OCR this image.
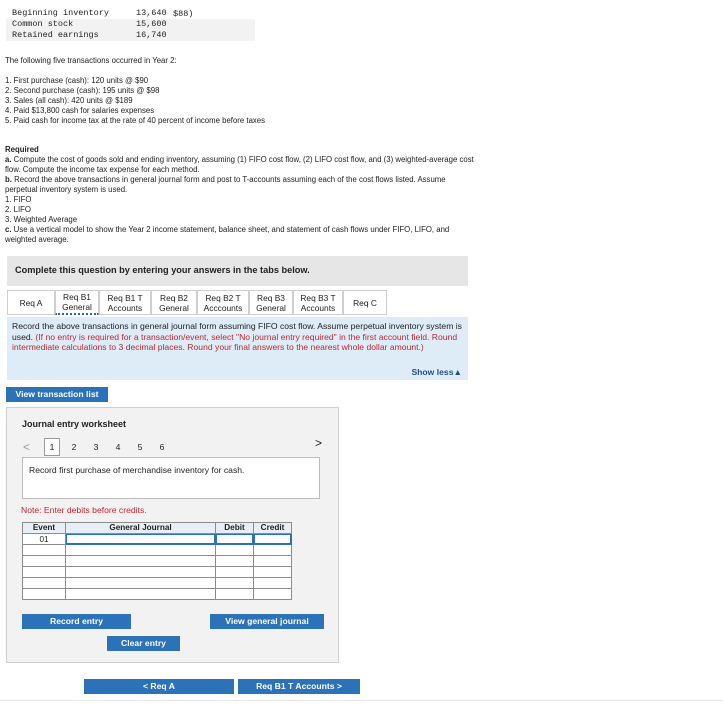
Beginning inventory	13,640
Common stock	15,600
Retained earnings	16,740
$88)
The following five transactions occurred in Year 2:
1. First purchase (cash): 120 units @ $90
2. Second purchase (cash): 195 units @ $98
3. Sales (all cash): 420 units @ $189
4. Paid $13,800 cash for salaries expenses
5. Paid cash for income tax at the rate of 40 percent of income before taxes
Required
a. Compute the cost of goods sold and ending inventory, assuming (1) FIFO cost flow, (2) LIFO cost flow, and (3) weighted-average cost flow. Compute the income tax expense for each method.
b. Record the above transactions in general journal form and post to T-accounts assuming each of the cost flows listed. Assume perpetual inventory system is used.
1. FIFO
2. LIFO
3. Weighted Average
c. Use a vertical model to show the Year 2 income statement, balance sheet, and statement of cash flows under FIFO, LIFO, and weighted average.
Complete this question by entering your answers in the tabs below.
Req A
Req B1
General
Req B1 T
Accounts
Req B2
General
Req B2 T
Acccounts
Req B3
General
Req B3 T
Accounts Req C
Record the above transactions in general journal form assuming FIFO cost flow. Assume perpetual inventory system is used. (If no entry is required for a transaction/event, select "No journal entry required" in the first account field. Round intermediate calculations to 3 decimal places. Round your final answers to the nearest whole dollar amount.)
Show less▲
View transaction list
Journal entry worksheet
<	1	2	3	4	5	6	>
Record first purchase of merchandise inventory for cash.
Note: Enter debits before credits.
Event	General Journal	Debit	Credit
01			

Record entry	View general journal
Clear entry
< Req A	Req B1 T Accounts >
